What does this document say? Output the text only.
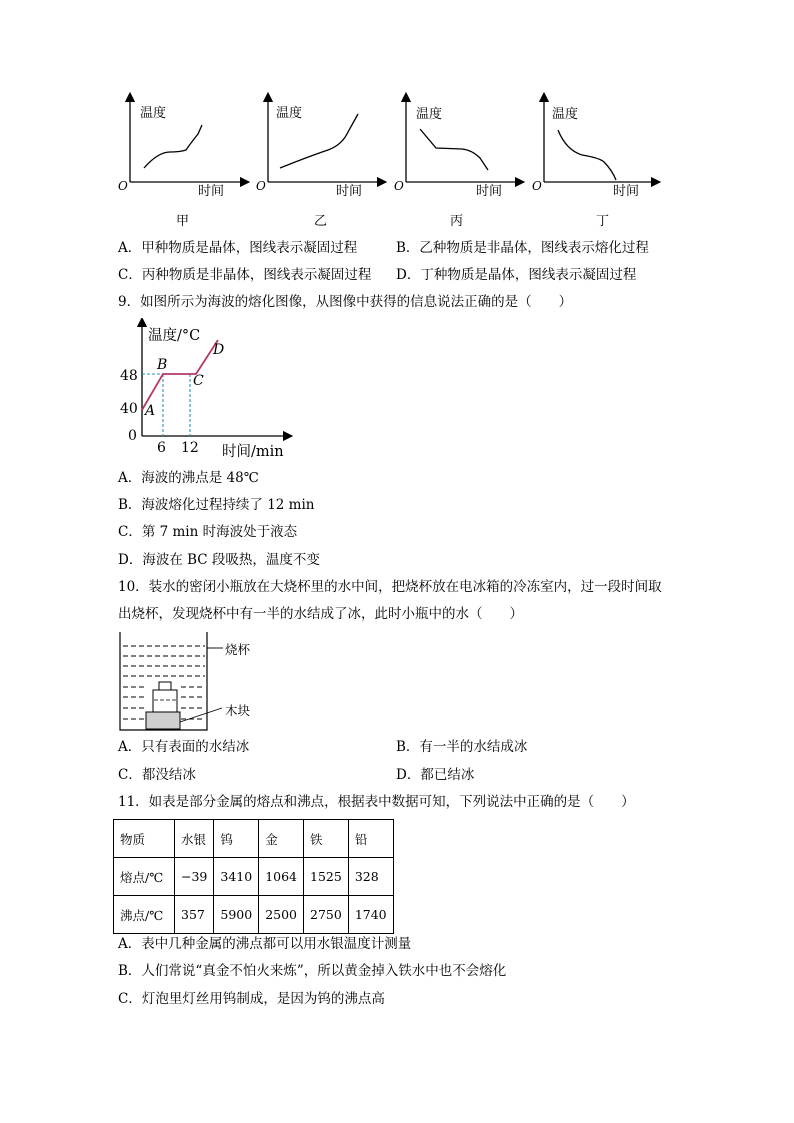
温度
时间
O
甲
温度
时间
O
乙
温度
时间
O
丙
温度
时间
O
丁
A．甲种物质是晶体，图线表示凝固过程	B．乙种物质是非晶体，图线表示熔化过程
C．丙种物质是非晶体，图线表示凝固过程 D．丁种物质是晶体，图线表示凝固过程
9．如图所示为海波的熔化图像，从图像中获得的信息说法正确的是（　　）
温度/°C
时间/min
48
40
0
6 12
A
B
C
D
A．海波的沸点是 48℃
B．海波熔化过程持续了 12 min
C．第 7 min 时海波处于液态
D．海波在 BC 段吸热，温度不变
10．装水的密闭小瓶放在大烧杯里的水中间，把烧杯放在电冰箱的冷冻室内，过一段时间取
出烧杯，发现烧杯中有一半的水结成了冰，此时小瓶中的水（　　）
烧杯
木块
A．只有表面的水结冰	B．有一半的水结成冰
C．都没结冰	D．都已结冰
11．如表是部分金属的熔点和沸点，根据表中数据可知，下列说法中正确的是（　　）
物质	水银	钨	金	铁	铅
熔点/℃	−39	3410	1064	1525	328
沸点/℃	357	5900	2500	2750	1740
A．表中几种金属的沸点都可以用水银温度计测量
B．人们常说“真金不怕火来炼”，所以黄金掉入铁水中也不会熔化
C．灯泡里灯丝用钨制成，是因为钨的沸点高
